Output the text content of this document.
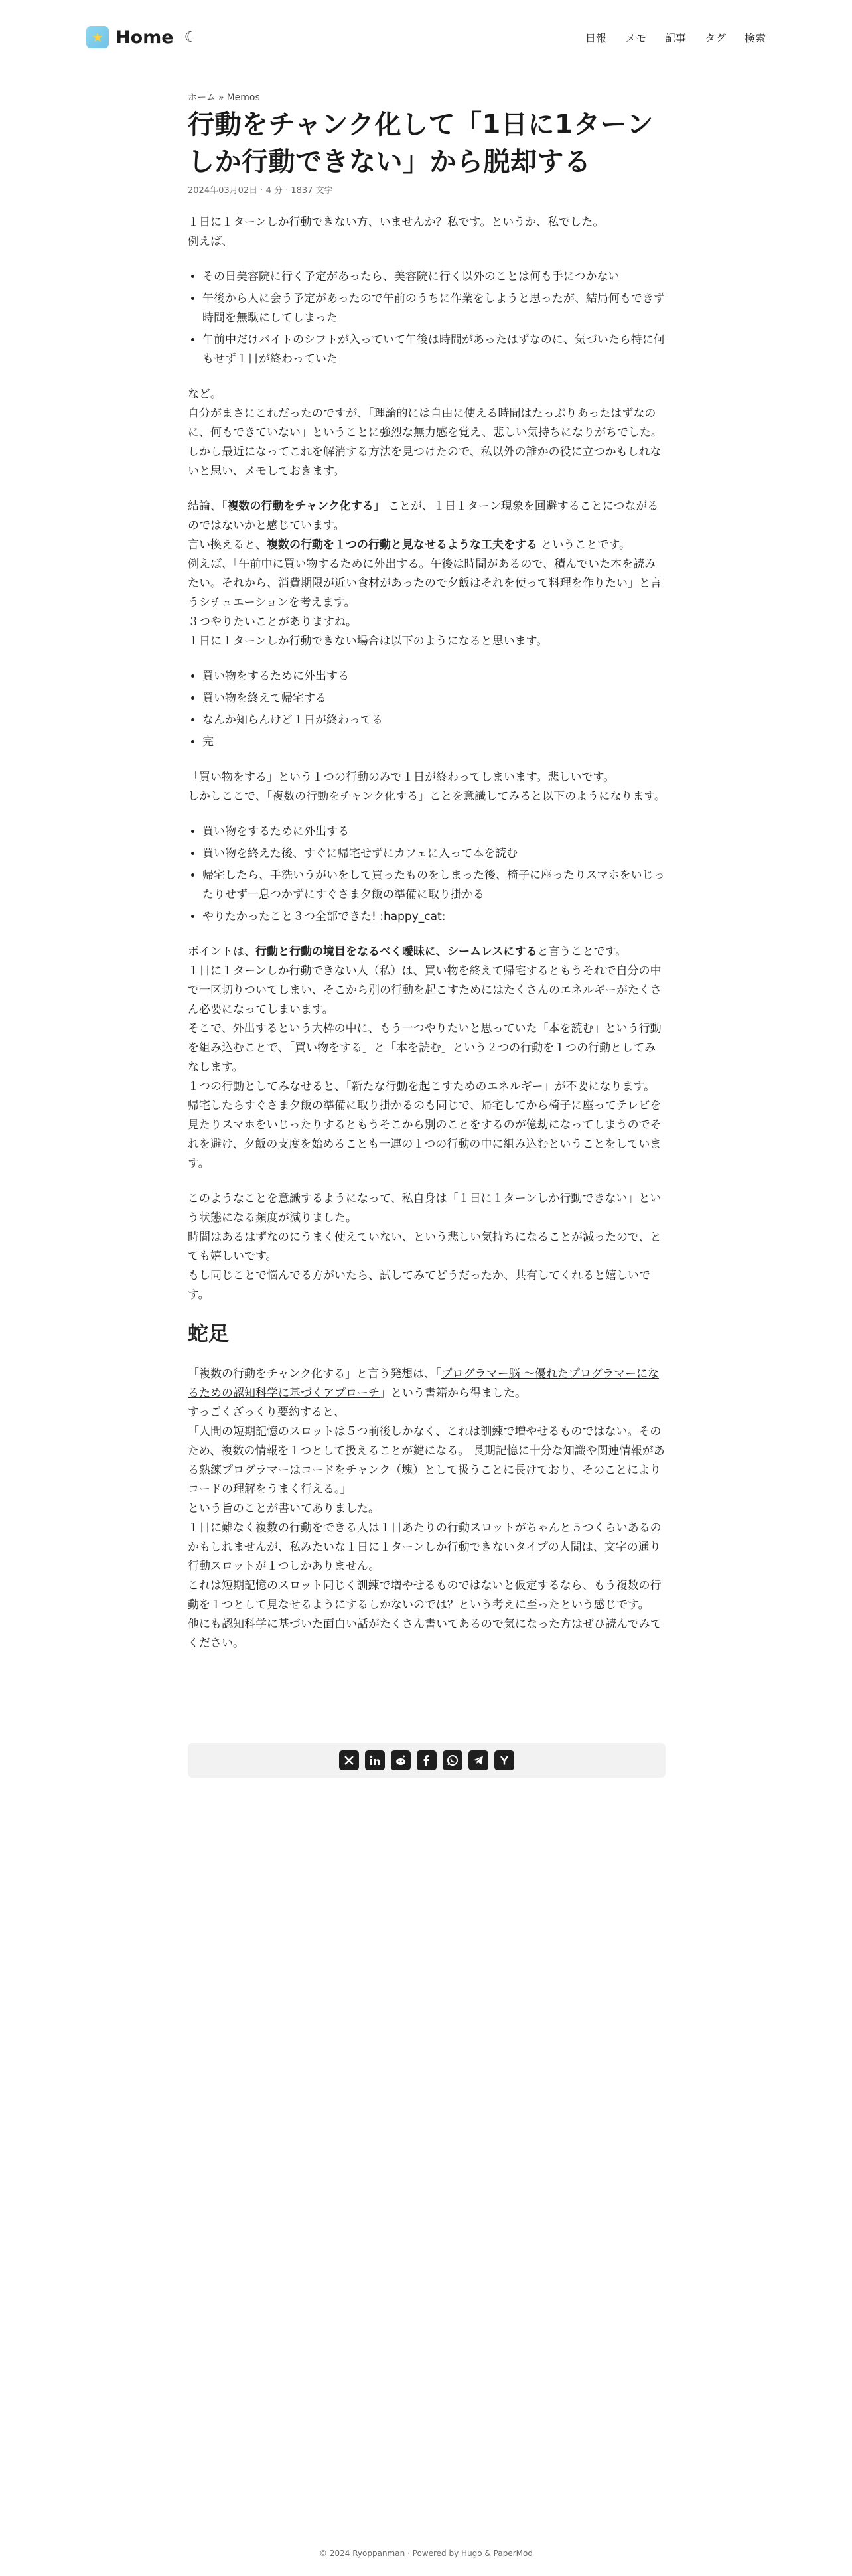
★ Home ☾	日報 メモ 記事 タグ 検索
ホーム » Memos
行動をチャンク化して「1日に1ターンしか行動できない」から脱却する
2024年03月02日 · 4 分 · 1837 文字

１日に１ターンしか行動できない方、いませんか？私です。というか、私でした。
例えば、

• その日美容院に行く予定があったら、美容院に行く以外のことは何も手につかない
• 午後から人に会う予定があったので午前のうちに作業をしようと思ったが、結局何もできず時間を無駄にしてしまった
• 午前中だけバイトのシフトが入っていて午後は時間があったはずなのに、気づいたら特に何もせず１日が終わっていた

など。
自分がまさにこれだったのですが、「理論的には自由に使える時間はたっぷりあったはずなのに、何もできていない」ということに強烈な無力感を覚え、悲しい気持ちになりがちでした。
しかし最近になってこれを解消する方法を見つけたので、私以外の誰かの役に立つかもしれないと思い、メモしておきます。

結論、「複数の行動をチャンク化する」 ことが、１日１ターン現象を回避することにつながるのではないかと感じています。
言い換えると、複数の行動を１つの行動と見なせるような工夫をする ということです。
例えば、「午前中に買い物するために外出する。午後は時間があるので、積んでいた本を読みたい。それから、消費期限が近い食材があったので夕飯はそれを使って料理を作りたい」と言うシチュエーションを考えます。
３つやりたいことがありますね。
１日に１ターンしか行動できない場合は以下のようになると思います。

• 買い物をするために外出する
• 買い物を終えて帰宅する
• なんか知らんけど１日が終わってる
• 完

「買い物をする」という１つの行動のみで１日が終わってしまいます。悲しいです。
しかしここで、「複数の行動をチャンク化する」ことを意識してみると以下のようになります。

• 買い物をするために外出する
• 買い物を終えた後、すぐに帰宅せずにカフェに入って本を読む
• 帰宅したら、手洗いうがいをして買ったものをしまった後、椅子に座ったりスマホをいじったりせず一息つかずにすぐさま夕飯の準備に取り掛かる
• やりたかったこと３つ全部できた! :happy_cat:

ポイントは、行動と行動の境目をなるべく曖昧に、シームレスにすると言うことです。
１日に１ターンしか行動できない人（私）は、買い物を終えて帰宅するともうそれで自分の中で一区切りついてしまい、そこから別の行動を起こすためにはたくさんのエネルギーがたくさん必要になってしまいます。
そこで、外出するという大枠の中に、もう一つやりたいと思っていた「本を読む」という行動を組み込むことで、「買い物をする」と「本を読む」という２つの行動を１つの行動としてみなします。
１つの行動としてみなせると、「新たな行動を起こすためのエネルギー」が不要になります。
帰宅したらすぐさま夕飯の準備に取り掛かるのも同じで、帰宅してから椅子に座ってテレビを見たりスマホをいじったりするともうそこから別のことをするのが億劫になってしまうのでそれを避け、夕飯の支度を始めることも一連の１つの行動の中に組み込むということをしています。

このようなことを意識するようになって、私自身は「１日に１ターンしか行動できない」という状態になる頻度が減りました。
時間はあるはずなのにうまく使えていない、という悲しい気持ちになることが減ったので、とても嬉しいです。
もし同じことで悩んでる方がいたら、試してみてどうだったか、共有してくれると嬉しいです。

蛇足

「複数の行動をチャンク化する」と言う発想は、「プログラマー脳 〜優れたプログラマーになるための認知科学に基づくアプローチ」という書籍から得ました。
すっごくざっくり要約すると、
「人間の短期記憶のスロットは５つ前後しかなく、これは訓練で増やせるものではない。そのため、複数の情報を１つとして扱えることが鍵になる。 長期記憶に十分な知識や関連情報がある熟練プログラマーはコードをチャンク（塊）として扱うことに長けており、そのことによりコードの理解をうまく行える。」
という旨のことが書いてありました。
１日に難なく複数の行動をできる人は１日あたりの行動スロットがちゃんと５つくらいあるのかもしれませんが、私みたいな１日に１ターンしか行動できないタイプの人間は、文字の通り行動スロットが１つしかありません。
これは短期記憶のスロット同じく訓練で増やせるものではないと仮定するなら、もう複数の行動を１つとして見なせるようにするしかないのでは？という考えに至ったという感じです。
他にも認知科学に基づいた面白い話がたくさん書いてあるので気になった方はぜひ読んでみてください。

© 2024 Ryoppanman · Powered by Hugo & PaperMod
